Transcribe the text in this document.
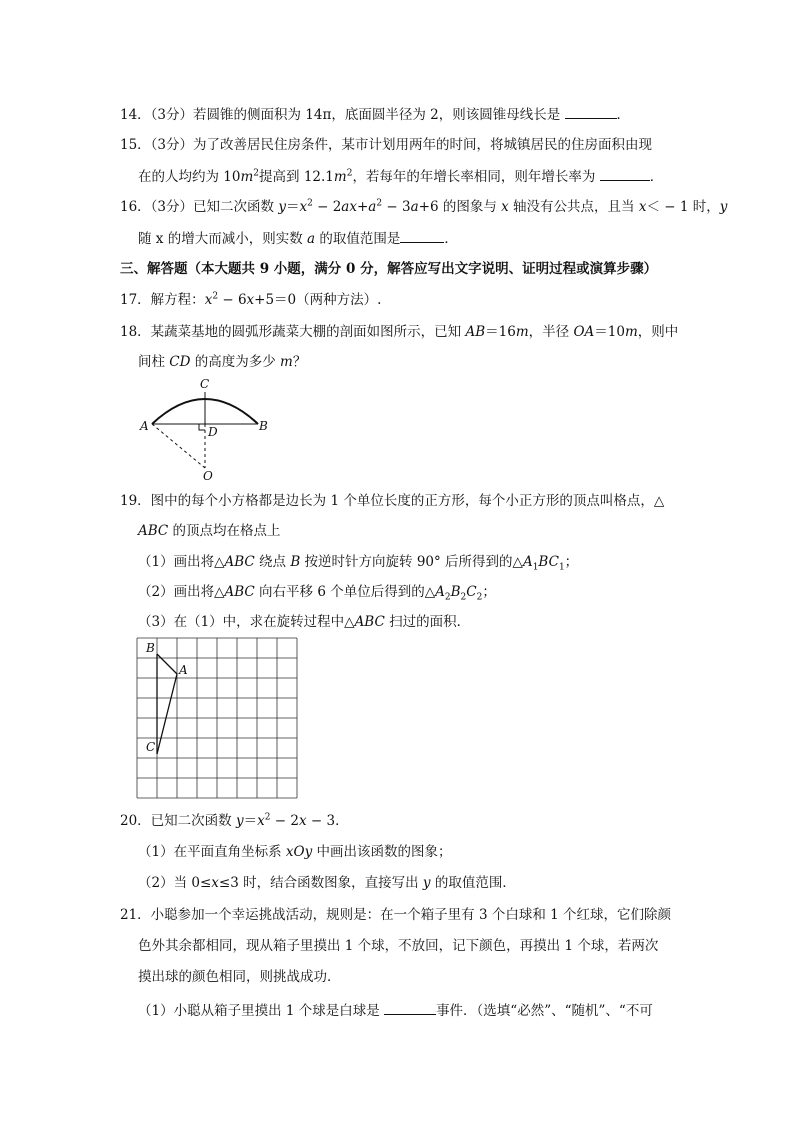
14．（3分）若圆锥的侧面积为 14π，底面圆半径为 2，则该圆锥母线长是	．
15．（3分）为了改善居民住房条件，某市计划用两年的时间，将城镇居民的住房面积由现
在的人均约为 $10m^2$提高到 $12.1m^2$，若每年的年增长率相同，则年增长率为	．
16．（3分）已知二次函数 $y=x^2 - 2ax+a^2 - 3a+6$ 的图象与 x 轴没有公共点，且当 x＜ − 1 时，y
随 x 的增大而减小，则实数 a 的取值范围是	．
三、解答题（本大题共 9 小题，满分 0 分，解答应写出文字说明、证明过程或演算步骤）
17．解方程：$x^2 - 6x+5=0$（两种方法）.
18．某蔬菜基地的圆弧形蔬菜大棚的剖面如图所示，已知 AB＝16m，半径 OA＝10m，则中
间柱 CD 的高度为多少 m？
C
A	B
D
O
19．图中的每个小方格都是边长为 1 个单位长度的正方形，每个小正方形的顶点叫格点，△
ABC 的顶点均在格点上
（1）画出将△ABC 绕点 B 按逆时针方向旋转 90° 后所得到的$\triangle A_1BC_1$；
（2）画出将△ABC 向右平移 6 个单位后得到的$\triangle A_2B_2C_2$；
（3）在（1）中，求在旋转过程中△ABC 扫过的面积．
B
A
C
20．已知二次函数 $y=x^2 - 2x - 3$．
（1）在平面直角坐标系 xOy 中画出该函数的图象；
（2）当 0≤x≤3 时，结合函数图象，直接写出 y 的取值范围．
21．小聪参加一个幸运挑战活动，规则是：在一个箱子里有 3 个白球和 1 个红球，它们除颜
色外其余都相同，现从箱子里摸出 1 个球，不放回，记下颜色，再摸出 1 个球，若两次
摸出球的颜色相同，则挑战成功．
（1）小聪从箱子里摸出 1 个球是白球是	事件．（选填“必然”、“随机”、“不可
